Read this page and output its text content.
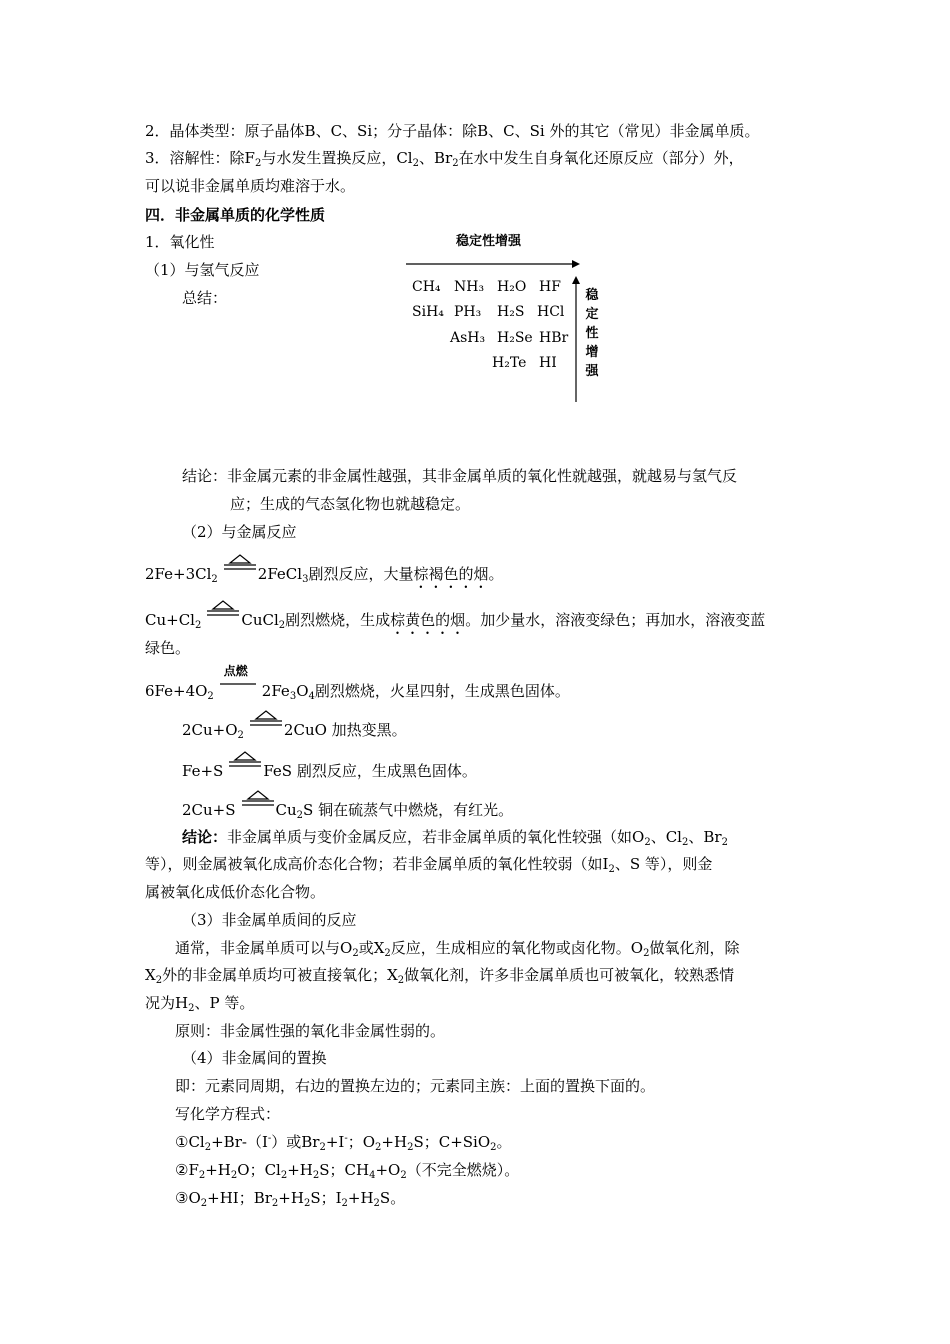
2．晶体类型：原子晶体B、C、Si；分子晶体：除B、C、Si 外的其它（常见）非金属单质。
3．溶解性：除$F_2$与水发生置换反应，$Cl_2$、$Br_2$在水中发生自身氧化还原反应（部分）外，
可以说非金属单质均难溶于水。
四．非金属单质的化学性质
1．氧化性
（1）与氢气反应
总结：
稳定性增强
CH₄ NH₃ H₂O HF
SiH₄ PH₃ H₂S HCl
AsH₃ H₂Se HBr
H₂Te HI
稳
定
性
增
强
结论：非金属元素的非金属性越强，其非金属单质的氧化性就越强，就越易与氢气反
应；生成的气态氢化物也就越稳定。
（2）与金属反应
$2Fe+3Cl_2$	2FeCl$_3$剧烈反应，大量棕褐色的烟。
$Cu+Cl_2$	CuCl$_2$剧烈燃烧，生成棕黄色的烟。加少量水，溶液变绿色；再加水，溶液变蓝
绿色。
$6Fe+4O_2$
点燃
$2Fe_3O_4$剧烈燃烧，火星四射，生成黑色固体。
$2Cu+O_2$	2CuO 加热变黑。
Fe+S	FeS 剧烈反应，生成黑色固体。
2Cu+S	$Cu_2S$ 铜在硫蒸气中燃烧，有红光。
结论：非金属单质与变价金属反应，若非金属单质的氧化性较强（如$O_2$、$Cl_2$、$Br_2$
等），则金属被氧化成高价态化合物；若非金属单质的氧化性较弱（如$I_2$、S 等），则金
属被氧化成低价态化合物。
（3）非金属单质间的反应
通常，非金属单质可以与$O_2$或$X_2$反应，生成相应的氧化物或卤化物。$O_2$做氧化剂，除
$X_2$外的非金属单质均可被直接氧化；$X_2$做氧化剂，许多非金属单质也可被氧化，较熟悉情
况为$H_2$、P 等。
原则：非金属性强的氧化非金属性弱的。
（4）非金属间的置换
即：元素同周期，右边的置换左边的；元素同主族：上面的置换下面的。
写化学方程式：
$①Cl_2+Br-(I^-)$或$Br_2+I^-$；$O_2+H_2S$；C+SiO$_2$。
$②F_2+H_2O$；$Cl_2+H_2S$；$CH_4+O_2$（不完全燃烧）。
$③O_2+HI$；$Br_2+H_2S$；$I_2+H_2S$。
